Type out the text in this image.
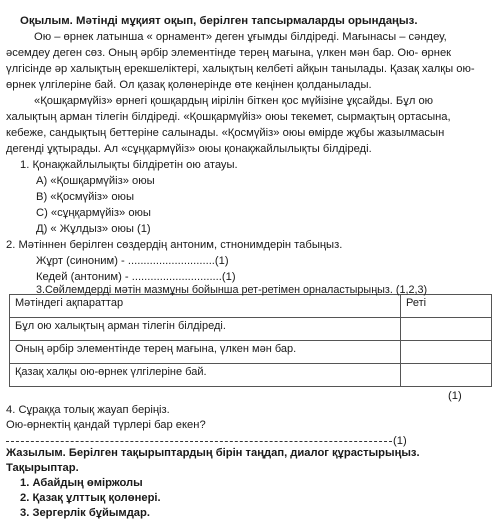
Оқылым. Мәтінді мұқият оқып, берілген тапсырмаларды орындаңыз.
Ою – өрнек латынша « орнамент» деген ұғымды білдіреді. Мағынасы – сәндеу,
әсемдеу деген сөз. Оның әрбір элементінде терең мағына, үлкен мән бар. Ою- өрнек
үлгісінде әр халықтың ерекшеліктері, халықтың келбеті айқын танылады. Қазақ халқы ою-
өрнек үлгілеріне бай. Ол қазақ қолөнерінде өте кеңінен қолданылады.
«Қошқармүйіз» өрнегі қошқардың иірілін біткен қос мүйізіне ұқсайды. Бұл ою
халықтың арман тілегін білдіреді. «Қошқармүйіз» оюы текемет, сырмақтың ортасына,
кебеже, сандықтың беттеріне салынады. «Қосмүйіз» оюы өмірде жұбы жазылмасын
дегенді ұқтырады. Ал «сұңқармүйіз» оюы қонақжайлылықты білдіреді.
1. Қонақжайлылықты білдіретін ою атауы.
А) «Қошқармүйіз» оюы
В) «Қосмүйіз» оюы
С) «сұңқармүйіз» оюы
Д) « Жұлдыз» оюы (1)
2. Мәтіннен берілген сөздердің антоним, стнонимдерін табыңыз.
Жұрт (синоним) - ............................(1)
Мәтіндегі ақпараттар	Реті
Бұл ою халықтың арман тілегін білдіреді.	
Оның әрбір элементінде терең мағына, үлкен мән бар.	
Қазақ халқы ою-өрнек үлгілеріне бай.	
Кедей (антоним) - .............................(1)
3.Сөйлемдерді мәтін мазмұны бойынша рет-ретімен орналастырыңыз. (1,2,3)
(1)
4. Сұраққа толық жауап беріңіз.
Ою-өрнектің қандай түрлері бар екен?
(1)
Жазылым. Берілген тақырыптардың бірін таңдап, диалог құрастырыңыз.
Тақырыптар.
1. Абайдың өміржолы
2. Қазақ ұлттық қолөнері.
3. Зергерлік бұйымдар.
